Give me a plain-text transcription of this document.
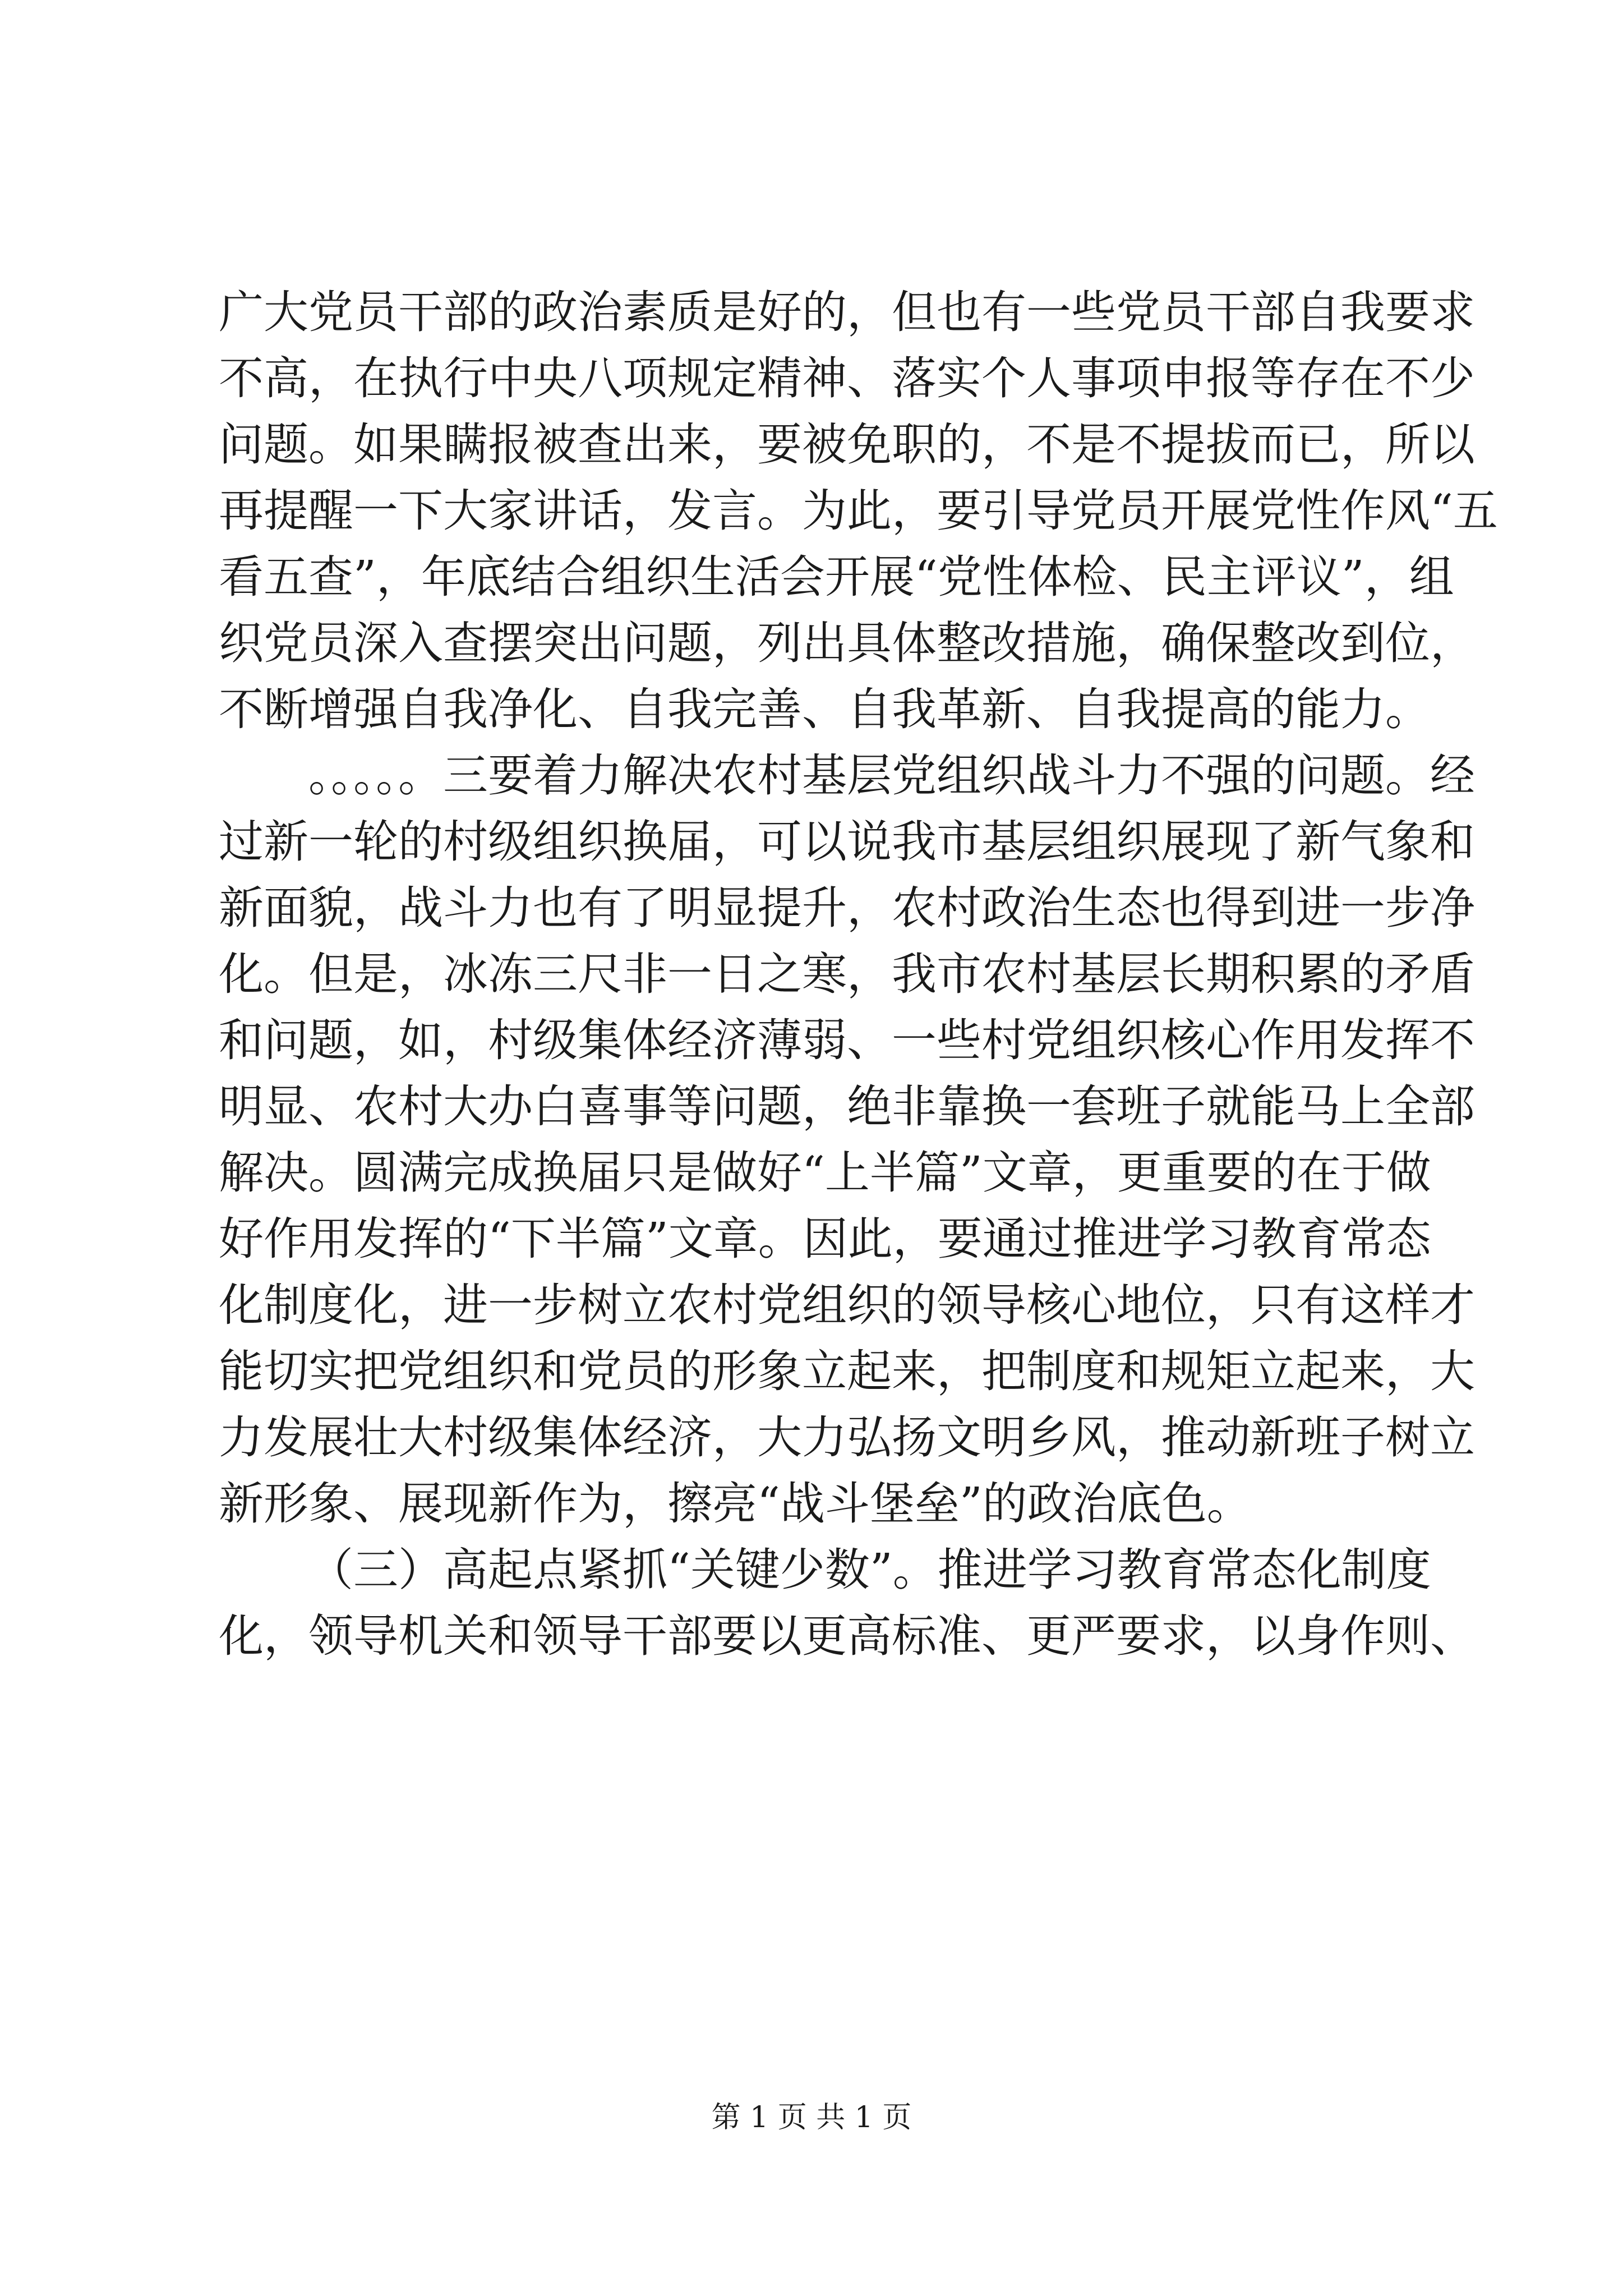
广大党员干部的政治素质是好的，但也有一些党员干部自我要求
不高，在执行中央八项规定精神、落实个人事项申报等存在不少
问题。如果瞒报被查出来，要被免职的，不是不提拔而已，所以
再提醒一下大家讲话，发言。为此，要引导党员开展党性作风“五
看五查”，年底结合组织生活会开展“党性体检、民主评议”，组
织党员深入查摆突出问题，列出具体整改措施，确保整改到位，
不断增强自我净化、自我完善、自我革新、自我提高的能力。
。。。。。三要着力解决农村基层党组织战斗力不强的问题。经
过新一轮的村级组织换届，可以说我市基层组织展现了新气象和
新面貌，战斗力也有了明显提升，农村政治生态也得到进一步净
化。但是，冰冻三尺非一日之寒，我市农村基层长期积累的矛盾
和问题，如，村级集体经济薄弱、一些村党组织核心作用发挥不
明显、农村大办白喜事等问题，绝非靠换一套班子就能马上全部
解决。圆满完成换届只是做好“上半篇”文章，更重要的在于做
好作用发挥的“下半篇”文章。因此，要通过推进学习教育常态
化制度化，进一步树立农村党组织的领导核心地位，只有这样才
能切实把党组织和党员的形象立起来，把制度和规矩立起来，大
力发展壮大村级集体经济，大力弘扬文明乡风，推动新班子树立
新形象、展现新作为，擦亮“战斗堡垒”的政治底色。
（三）高起点紧抓“关键少数”。推进学习教育常态化制度
化，领导机关和领导干部要以更高标准、更严要求，以身作则、
第 1 页 共 1 页
